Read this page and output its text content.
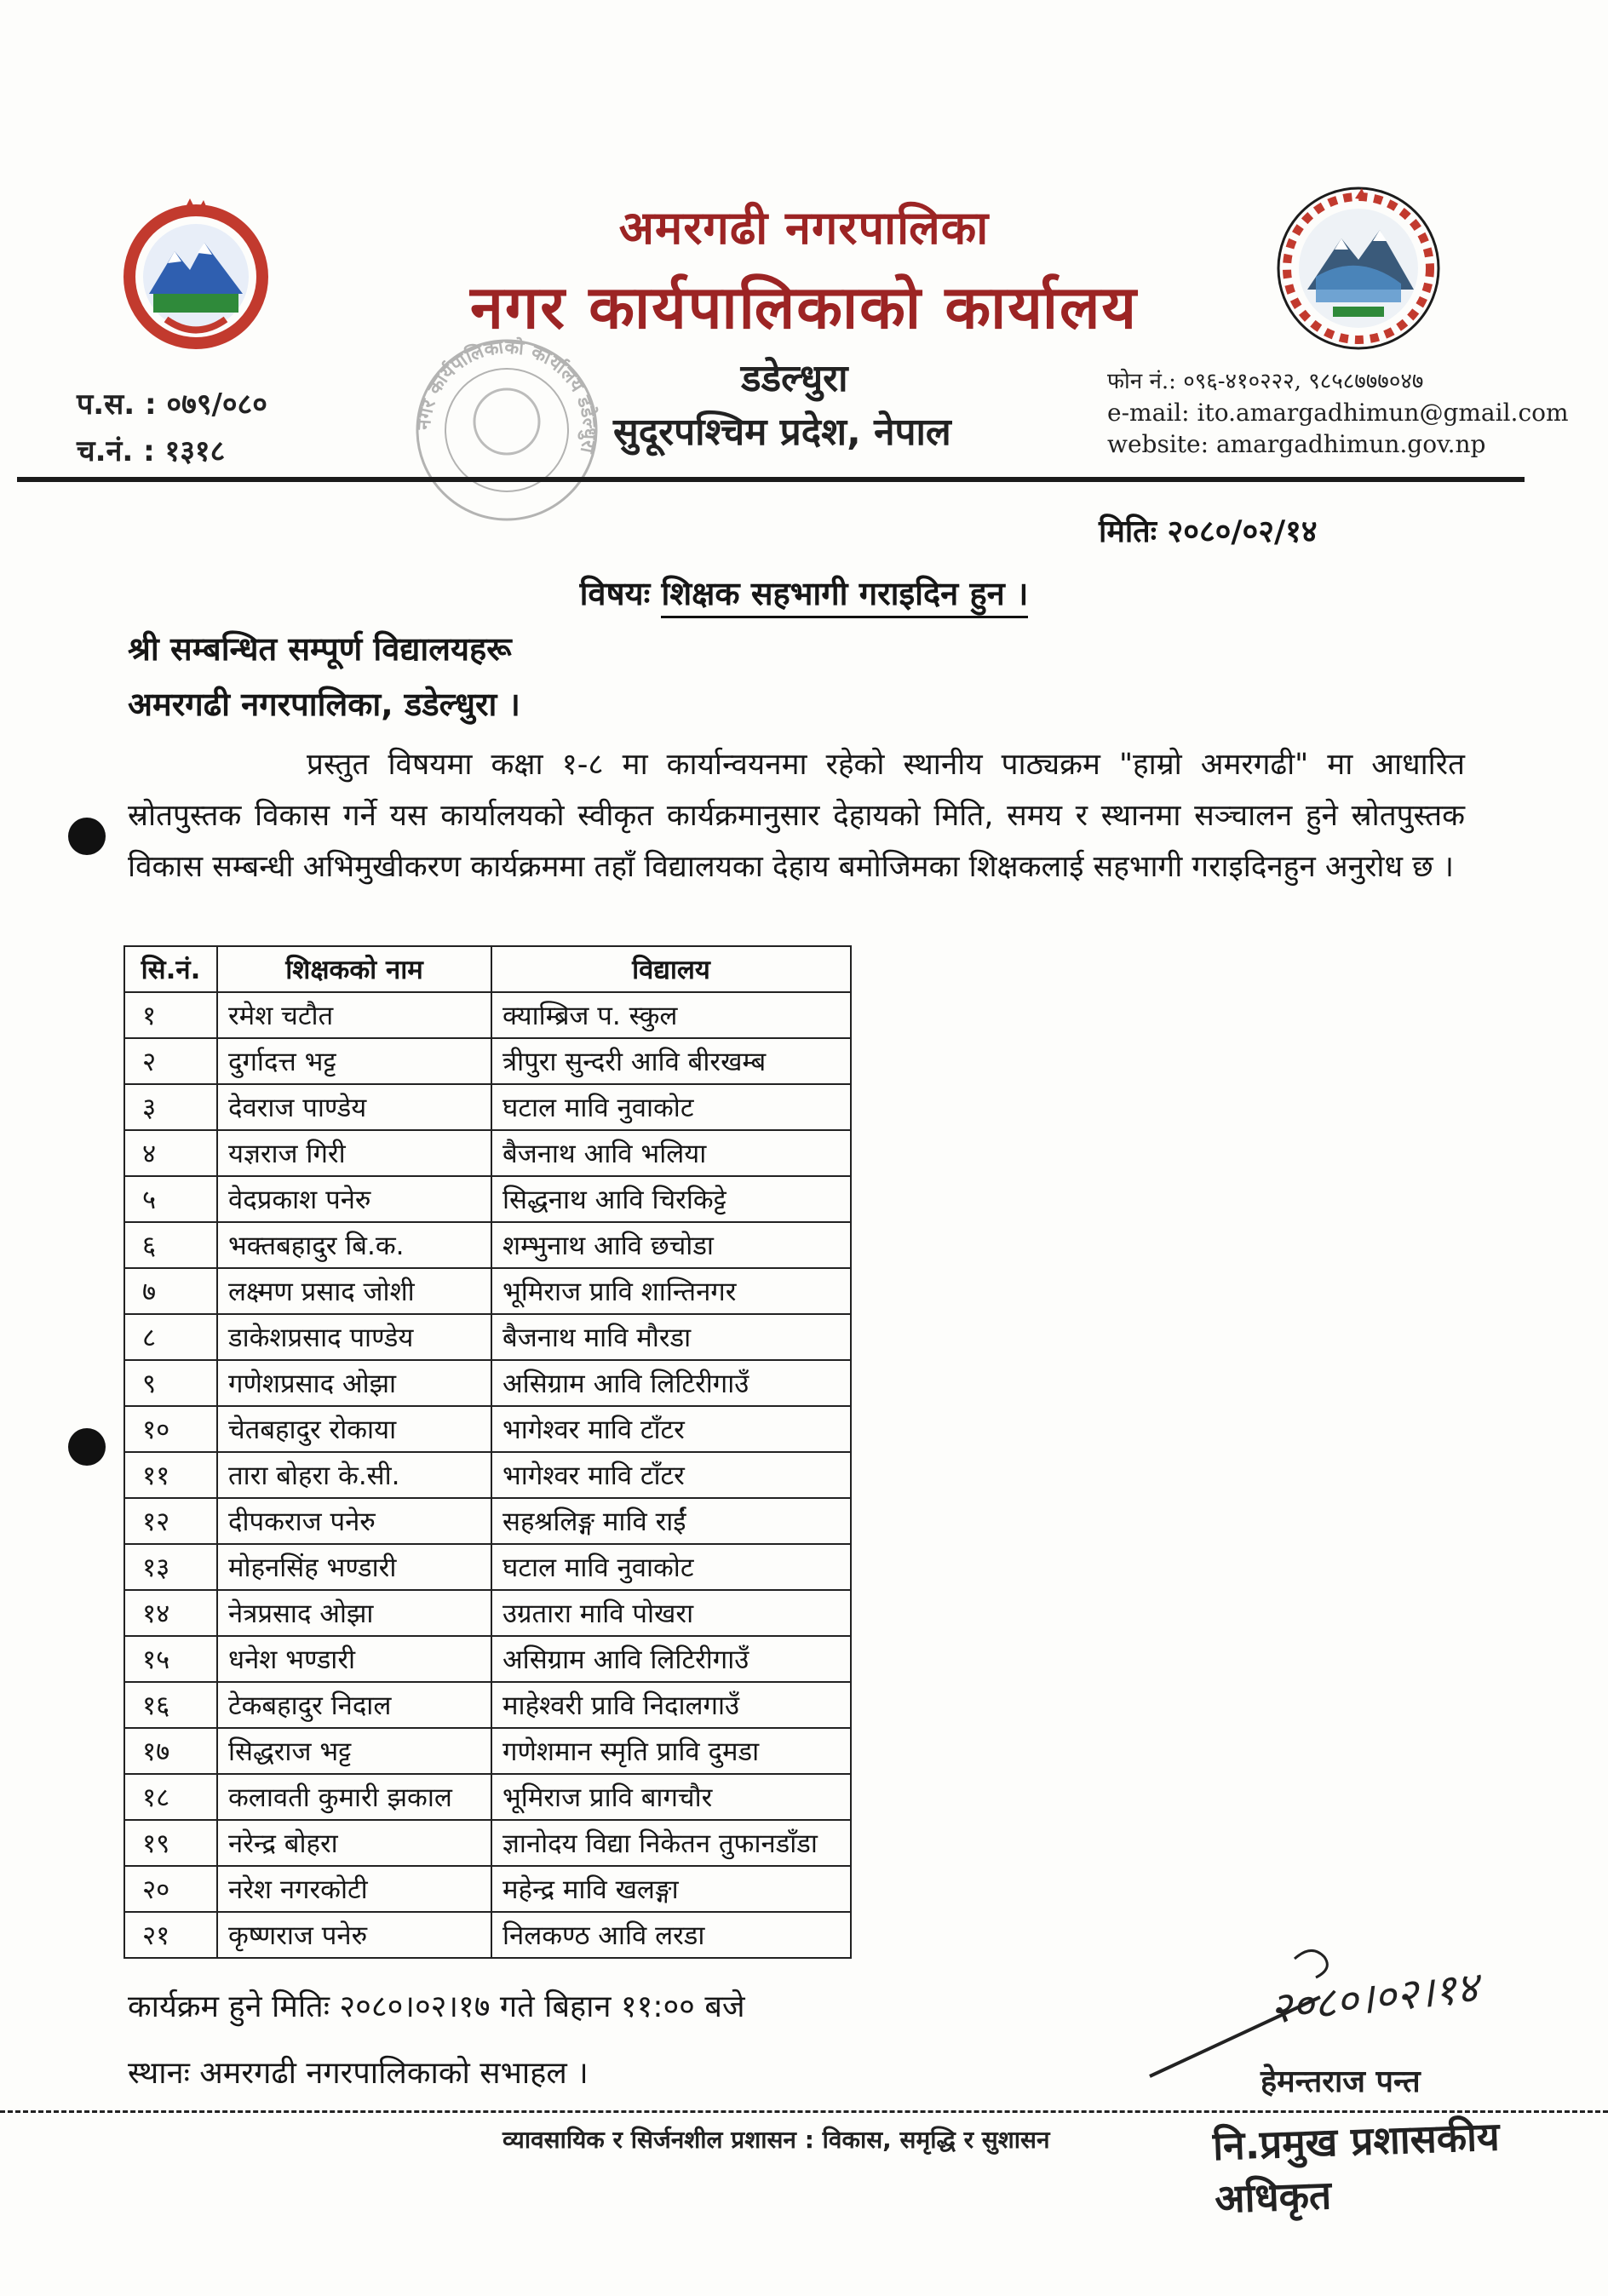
अमरगढी नगरपालिका
नगर कार्यपालिकाको कार्यालय
डडेल्धुरा
सुदूरपश्चिम प्रदेश, नेपाल
नगर कार्यपालिकाको कार्यालय डडेल्धुरा
प.स. : ०७९/०८०
च.नं. : १३१८
फोन नं.: ०९६-४१०२२२, ९८५८७७७०४७
e-mail: ito.amargadhimun@gmail.com
website: amargadhimun.gov.np
मितिः २०८०/०२/१४
विषयः शिक्षक सहभागी गराइदिन हुन ।
श्री सम्बन्धित सम्पूर्ण विद्यालयहरू
अमरगढी नगरपालिका, डडेल्धुरा ।
प्रस्तुत विषयमा कक्षा १-८ मा कार्यान्वयनमा रहेको स्थानीय पाठ्यक्रम "हाम्रो अमरगढी" मा आधारित स्रोतपुस्तक विकास गर्ने यस कार्यालयको स्वीकृत कार्यक्रमानुसार देहायको मिति, समय र स्थानमा सञ्चालन हुने स्रोतपुस्तक विकास सम्बन्धी अभिमुखीकरण कार्यक्रममा तहाँ विद्यालयका देहाय बमोजिमका शिक्षकलाई सहभागी गराइदिनहुन अनुरोध छ ।
सि.नं.	शिक्षकको नाम	विद्यालय
१	रमेश चटौत	क्याम्ब्रिज प. स्कुल
२	दुर्गादत्त भट्ट	त्रीपुरा सुन्दरी आवि बीरखम्ब
३	देवराज पाण्डेय	घटाल मावि नुवाकोट
४	यज्ञराज गिरी	बैजनाथ आवि भलिया
५	वेदप्रकाश पनेरु	सिद्धनाथ आवि चिरकिट्टे
६	भक्तबहादुर बि.क.	शम्भुनाथ आवि छचोडा
७	लक्ष्मण प्रसाद जोशी	भूमिराज प्रावि शान्तिनगर
८	डाकेशप्रसाद पाण्डेय	बैजनाथ मावि मौरडा
९	गणेशप्रसाद ओझा	असिग्राम आवि लिटिरीगाउँ
१०	चेतबहादुर रोकाया	भागेश्वर मावि टाँटर
११	तारा बोहरा के.सी.	भागेश्वर मावि टाँटर
१२	दीपकराज पनेरु	सहश्रलिङ्ग मावि राईं
१३	मोहनसिंह भण्डारी	घटाल मावि नुवाकोट
१४	नेत्रप्रसाद ओझा	उग्रतारा मावि पोखरा
१५	धनेश भण्डारी	असिग्राम आवि लिटिरीगाउँ
१६	टेकबहादुर निदाल	माहेश्वरी प्रावि निदालगाउँ
१७	सिद्धराज भट्ट	गणेशमान स्मृति प्रावि दुमडा
१८	कलावती कुमारी झकाल	भूमिराज प्रावि बागचौर
१९	नरेन्द्र बोहरा	ज्ञानोदय विद्या निकेतन तुफानडाँडा
२०	नरेश नगरकोटी	महेन्द्र मावि खलङ्गा
२१	कृष्णराज पनेरु	निलकण्ठ आवि लरडा
कार्यक्रम हुने मितिः २०८०।०२।१७ गते बिहान ११:०० बजे
स्थानः अमरगढी नगरपालिकाको सभाहल ।
२०८०।०२।१४
हेमन्तराज पन्त
नि.प्रमुख प्रशासकीय अधिकृत
व्यावसायिक र सिर्जनशील प्रशासन : विकास, समृद्धि र सुशासन
